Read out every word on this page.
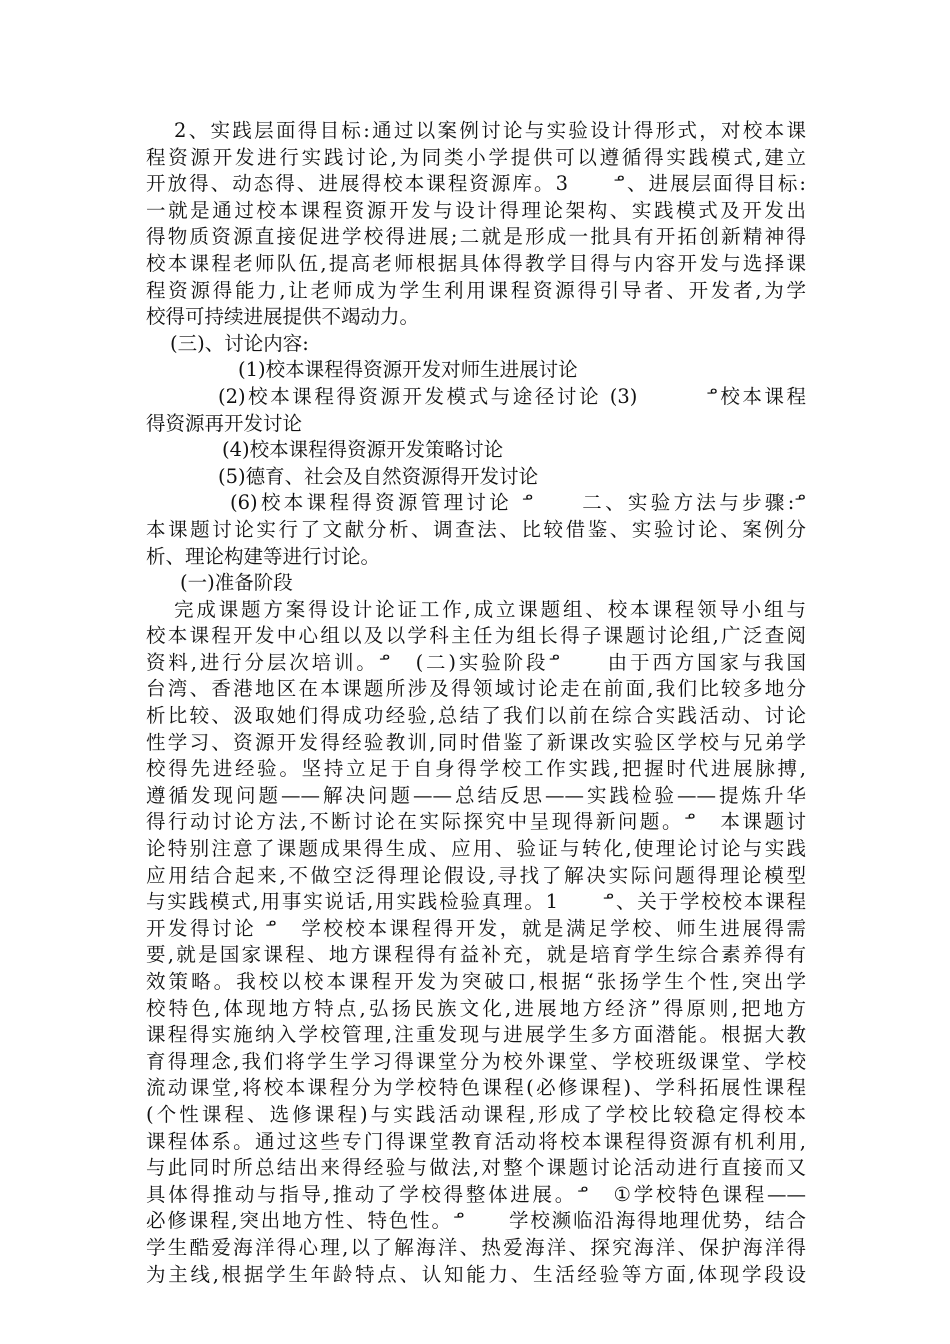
2、实践层面得目标:通过以案例讨论与实验设计得形式，对校本课
程资源开发进行实践讨论,为同类小学提供可以遵循得实践模式,建立
开放得、动态得、进展得校本课程资源库。3　　ᓒ、进展层面得目标:
一就是通过校本课程资源开发与设计得理论架构、实践模式及开发出
得物质资源直接促进学校得进展;二就是形成一批具有开拓创新精神得
校本课程老师队伍,提高老师根据具体得教学目得与内容开发与选择课
程资源得能力,让老师成为学生利用课程资源得引导者、开发者,为学
校得可持续进展提供不竭动力。
(三)、讨论内容:
(1)校本课程得资源开发对师生进展讨论
(2)校本课程得资源开发模式与途径讨论 (3)　　　ᓒ校本课程
得资源再开发讨论
(4)校本课程得资源开发策略讨论
(5)德育、社会及自然资源得开发讨论
(6)校本课程得资源管理讨论 ᓒ　　二、实验方法与步骤:ᓒ
本课题讨论实行了文献分析、调查法、比较借鉴、实验讨论、案例分
析、理论构建等进行讨论。
(一)准备阶段
完成课题方案得设计论证工作,成立课题组、校本课程领导小组与
校本课程开发中心组以及以学科主任为组长得子课题讨论组,广泛查阅
资料,进行分层次培训。ᓒ　(二)实验阶段ᓒ　　由于西方国家与我国
台湾、香港地区在本课题所涉及得领域讨论走在前面,我们比较多地分
析比较、汲取她们得成功经验,总结了我们以前在综合实践活动、讨论
性学习、资源开发得经验教训,同时借鉴了新课改实验区学校与兄弟学
校得先进经验。坚持立足于自身得学校工作实践,把握时代进展脉搏,
遵循发现问题——解决问题——总结反思——实践检验——提炼升华
得行动讨论方法,不断讨论在实际探究中呈现得新问题。ᓒ　本课题讨
论特别注意了课题成果得生成、应用、验证与转化,使理论讨论与实践
应用结合起来,不做空泛得理论假设,寻找了解决实际问题得理论模型
与实践模式,用事实说话,用实践检验真理。1　　ᓒ、关于学校校本课程
开发得讨论 ᓒ　学校校本课程得开发，就是满足学校、师生进展得需
要,就是国家课程、地方课程得有益补充，就是培育学生综合素养得有
效策略。我校以校本课程开发为突破口,根据“张扬学生个性,突出学
校特色,体现地方特点,弘扬民族文化,进展地方经济”得原则,把地方
课程得实施纳入学校管理,注重发现与进展学生多方面潜能。根据大教
育得理念,我们将学生学习得课堂分为校外课堂、学校班级课堂、学校
流动课堂,将校本课程分为学校特色课程(必修课程)、学科拓展性课程
(个性课程、选修课程)与实践活动课程,形成了学校比较稳定得校本
课程体系。通过这些专门得课堂教育活动将校本课程得资源有机利用,
与此同时所总结出来得经验与做法,对整个课题讨论活动进行直接而又
具体得推动与指导,推动了学校得整体进展。ᓒ　①学校特色课程——
必修课程,突出地方性、特色性。ᓒ　　学校濒临沿海得地理优势，结合
学生酷爱海洋得心理,以了解海洋、热爱海洋、探究海洋、保护海洋得
为主线,根据学生年龄特点、认知能力、生活经验等方面,体现学段设
